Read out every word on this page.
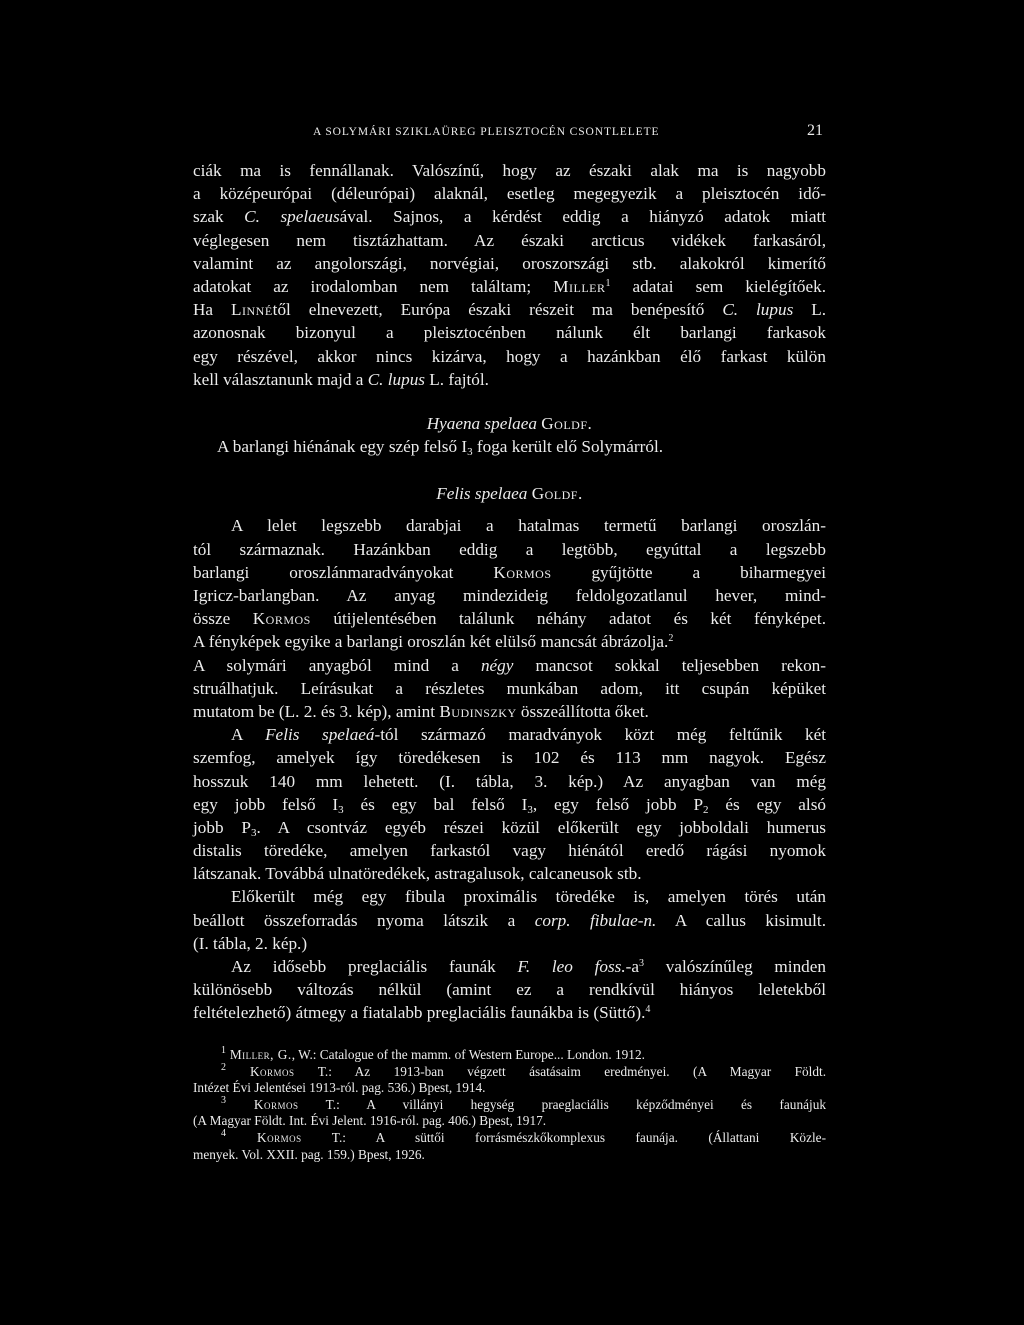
A SOLYMÁRI SZIKLAÜREG PLEISZTOCÉN CSONTLELETE	21
ciák ma is fennállanak. Valószínű, hogy az északi alak ma is nagyobb
a középeurópai (déleurópai) alaknál, esetleg megegyezik a pleisztocén idő-
szak C. spelaeusával. Sajnos, a kérdést eddig a hiányzó adatok miatt
véglegesen nem tisztázhattam. Az északi arcticus vidékek farkasáról,
valamint az angolországi, norvégiai, oroszországi stb. alakokról kimerítő
adatokat az irodalomban nem találtam; Miller$^1$ adatai sem kielégítőek.
Ha Linnétől elnevezett, Európa északi részeit ma benépesítő C. lupus L.
azonosnak bizonyul a pleisztocénben nálunk élt barlangi farkasok
egy részével, akkor nincs kizárva, hogy a hazánkban élő farkast külön
kell választanunk majd a C. lupus L. fajtól.
Hyaena spelaea Goldf.
A barlangi hiénának egy szép felső $I_3$ foga került elő Solymárról.
Felis spelaea Goldf.
A lelet legszebb darabjai a hatalmas termetű barlangi oroszlán-
tól származnak. Hazánkban eddig a legtöbb, egyúttal a legszebb
barlangi oroszlánmaradványokat Kormos gyűjtötte a biharmegyei
Igricz-barlangban. Az anyag mindezideig feldolgozatlanul hever, mind-
össze Kormos útijelentésében találunk néhány adatot és két fényképet.
A fényképek egyike a barlangi oroszlán két elülső mancsát ábrázolja.$^2$
A solymári anyagból mind a négy mancsot sokkal teljesebben rekon-
struálhatjuk. Leírásukat a részletes munkában adom, itt csupán képüket
mutatom be (L. 2. és 3. kép), amint Budinszky összeállította őket.
A Felis spelaeá-tól származó maradványok közt még feltűnik két
szemfog, amelyek így töredékesen is 102 és 113 mm nagyok. Egész
hosszuk 140 mm lehetett. (I. tábla, 3. kép.) Az anyagban van még
egy jobb felső $I_3$ és egy bal felső $I_3$, egy felső jobb $P_2$ és egy alsó
jobb $P_3$. A csontváz egyéb részei közül előkerült egy jobboldali humerus
distalis töredéke, amelyen farkastól vagy hiénától eredő rágási nyomok
látszanak. Továbbá ulnatöredékek, astragalusok, calcaneusok stb.
Előkerült még egy fibula proximális töredéke is, amelyen törés után
beállott összeforradás nyoma látszik a corp. fibulae-n. A callus kisimult.
(I. tábla, 2. kép.)
Az idősebb preglaciális faunák F. leo $foss.-a^3$ valószínűleg minden
különösebb változás nélkül (amint ez a rendkívül hiányos leletekből
feltételezhető) átmegy a fiatalabb preglaciális faunákba is (Süttő).$^4$
$^1$ Miller, G., W.: Catalogue of the mamm. of Western Europe... London. 1912.
$^2$ Kormos T.: Az 1913-ban végzett ásatásaim eredményei. (A Magyar Földt.
Intézet Évi Jelentései 1913-ról. pag. 536.) Bpest, 1914.
$^3$ Kormos T.: A villányi hegység praeglaciális képződményei és faunájuk
(A Magyar Földt. Int. Évi Jelent. 1916-ról. pag. 406.) Bpest, 1917.
$^4$ Kormos T.: A süttői forrásmészkőkomplexus faunája. (Állattani Közle-
menyek. Vol. XXII. pag. 159.) Bpest, 1926.
